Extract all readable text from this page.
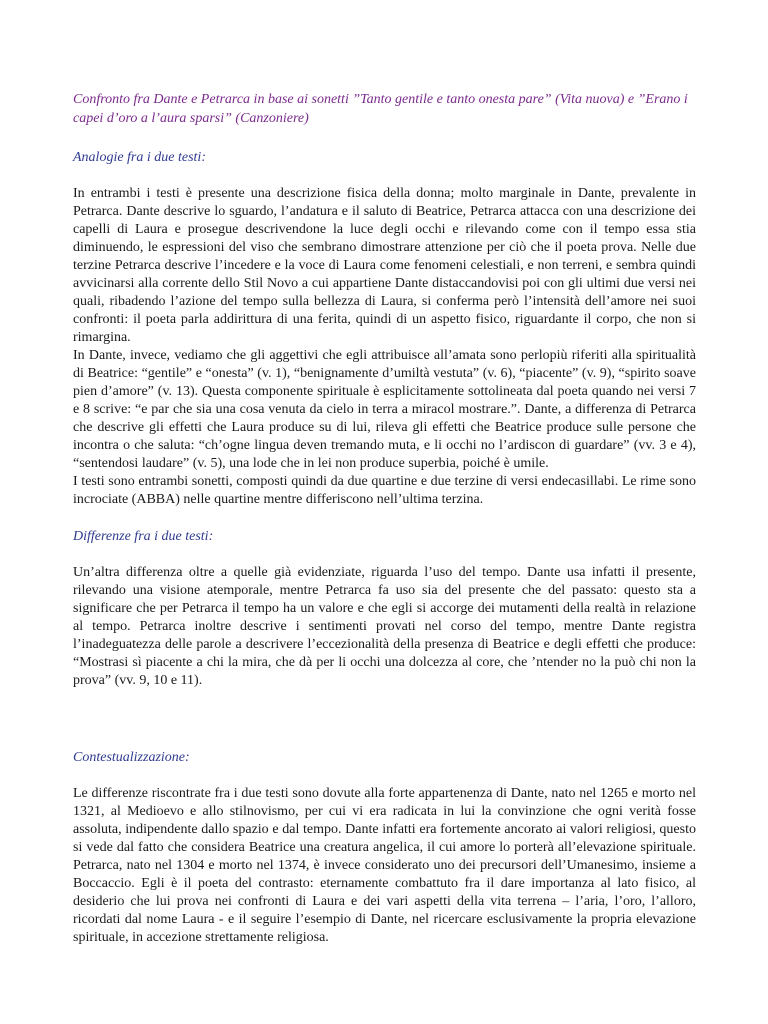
Confronto fra Dante e Petrarca in base ai sonetti ”Tanto gentile e tanto onesta pare” (Vita nuova) e ”Erano i capei d’oro a l’aura sparsi” (Canzoniere)

Analogie fra i due testi:

In entrambi i testi è presente una descrizione fisica della donna; molto marginale in Dante, prevalente in Petrarca. Dante descrive lo sguardo, l’andatura e il saluto di Beatrice, Petrarca attacca con una descrizione dei capelli di Laura e prosegue descrivendone la luce degli occhi e rilevando come con il tempo essa stia diminuendo, le espressioni del viso che sembrano dimostrare attenzione per ciò che il poeta prova. Nelle due terzine Petrarca descrive l’incedere e la voce di Laura come fenomeni celestiali, e non terreni, e sembra quindi avvicinarsi alla corrente dello Stil Novo a cui appartiene Dante distaccandovisi poi con gli ultimi due versi nei quali, ribadendo l’azione del tempo sulla bellezza di Laura, si conferma però l’intensità dell’amore nei suoi confronti: il poeta parla addirittura di una ferita, quindi di un aspetto fisico, riguardante il corpo, che non si rimargina.

In Dante, invece, vediamo che gli aggettivi che egli attribuisce all’amata sono perlopiù riferiti alla spiritualità di Beatrice: “gentile” e “onesta” (v. 1), “benignamente d’umiltà vestuta” (v. 6), “piacente” (v. 9), “spirito soave pien d’amore” (v. 13). Questa componente spirituale è esplicitamente sottolineata dal poeta quando nei versi 7 e 8 scrive: “e par che sia una cosa venuta da cielo in terra a miracol mostrare.”. Dante, a differenza di Petrarca che descrive gli effetti che Laura produce su di lui, rileva gli effetti che Beatrice produce sulle persone che incontra o che saluta: “ch’ogne lingua deven tremando muta, e li occhi no l’ardiscon di guardare” (vv. 3 e 4), “sentendosi laudare” (v. 5), una lode che in lei non produce superbia, poiché è umile.

I testi sono entrambi sonetti, composti quindi da due quartine e due terzine di versi endecasillabi. Le rime sono incrociate (ABBA) nelle quartine mentre differiscono nell’ultima terzina.

Differenze fra i due testi:

Un’altra differenza oltre a quelle già evidenziate, riguarda l’uso del tempo. Dante usa infatti il presente, rilevando una visione atemporale, mentre Petrarca fa uso sia del presente che del passato: questo sta a significare che per Petrarca il tempo ha un valore e che egli si accorge dei mutamenti della realtà in relazione al tempo. Petrarca inoltre descrive i sentimenti provati nel corso del tempo, mentre Dante registra l’inadeguatezza delle parole a descrivere l’eccezionalità della presenza di Beatrice e degli effetti che produce: “Mostrasi sì piacente a chi la mira, che dà per li occhi una dolcezza al core, che ’ntender no la può chi non la prova” (vv. 9, 10 e 11).

Contestualizzazione:

Le differenze riscontrate fra i due testi sono dovute alla forte appartenenza di Dante, nato nel 1265 e morto nel 1321, al Medioevo e allo stilnovismo, per cui vi era radicata in lui la convinzione che ogni verità fosse assoluta, indipendente dallo spazio e dal tempo. Dante infatti era fortemente ancorato ai valori religiosi, questo si vede dal fatto che considera Beatrice una creatura angelica, il cui amore lo porterà all’elevazione spirituale. Petrarca, nato nel 1304 e morto nel 1374, è invece considerato uno dei precursori dell’Umanesimo, insieme a Boccaccio. Egli è il poeta del contrasto: eternamente combattuto fra il dare importanza al lato fisico, al desiderio che lui prova nei confronti di Laura e dei vari aspetti della vita terrena – l’aria, l’oro, l’alloro, ricordati dal nome Laura - e il seguire l’esempio di Dante, nel ricercare esclusivamente la propria elevazione spirituale, in accezione strettamente religiosa.
